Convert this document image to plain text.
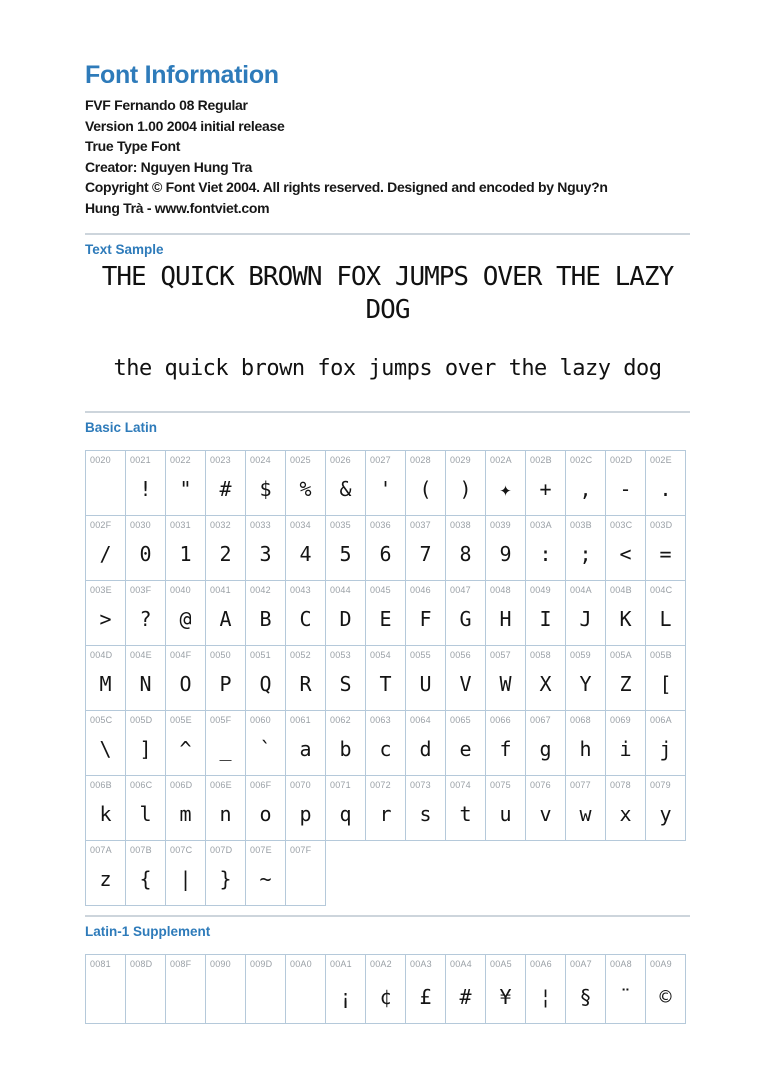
Font Information
FVF Fernando 08 Regular
Version 1.00 2004 initial release
True Type Font
Creator: Nguyen Hung Tra
Copyright © Font Viet 2004. All rights reserved. Designed and encoded by Nguy?n
Hung Trà - www.fontviet.com
Text Sample
THE QUICK BROWN FOX JUMPS OVER THE LAZY DOG
the quick brown fox jumps over the lazy dog
Basic Latin
0020 0021
!
0022
"
0023
#
0024
$
0025
%
0026
&
0027
'
0028
(
0029
)
002A
✦
002B
+
002C
,
002D
-
002E
.
002F
/
0030
0
0031
1
0032
2
0033
3
0034
4
0035
5
0036
6
0037
7
0038
8
0039
9
003A
:
003B
;
003C
<
003D
=
003E
>
003F
?
0040
@
0041
A
0042
B
0043
C
0044
D
0045
E
0046
F
0047
G
0048
H
0049
I
004A
J
004B
K
004C
L
004D
M
004E
N
004F
O
0050
P
0051
Q
0052
R
0053
S
0054
T
0055
U
0056
V
0057
W
0058
X
0059
Y
005A
Z
005B
[
005C
\
005D
]
005E
^
005F
_
0060
`
0061
a
0062
b
0063
c
0064
d
0065
e
0066
f
0067
g
0068
h
0069
i
006A
j
006B
k
006C
l
006D
m
006E
n
006F
o
0070
p
0071
q
0072
r
0073
s
0074
t
0075
u
0076
v
0077
w
0078
x
0079
y
007A
z
007B
{
007C
|
007D
}
007E
~
007F
Latin-1 Supplement
0081 008D 008F 0090 009D 00A0 00A1
¡
00A2
¢
00A3
£
00A4
#
00A5
¥
00A6
¦
00A7
§
00A8
¨
00A9
©
